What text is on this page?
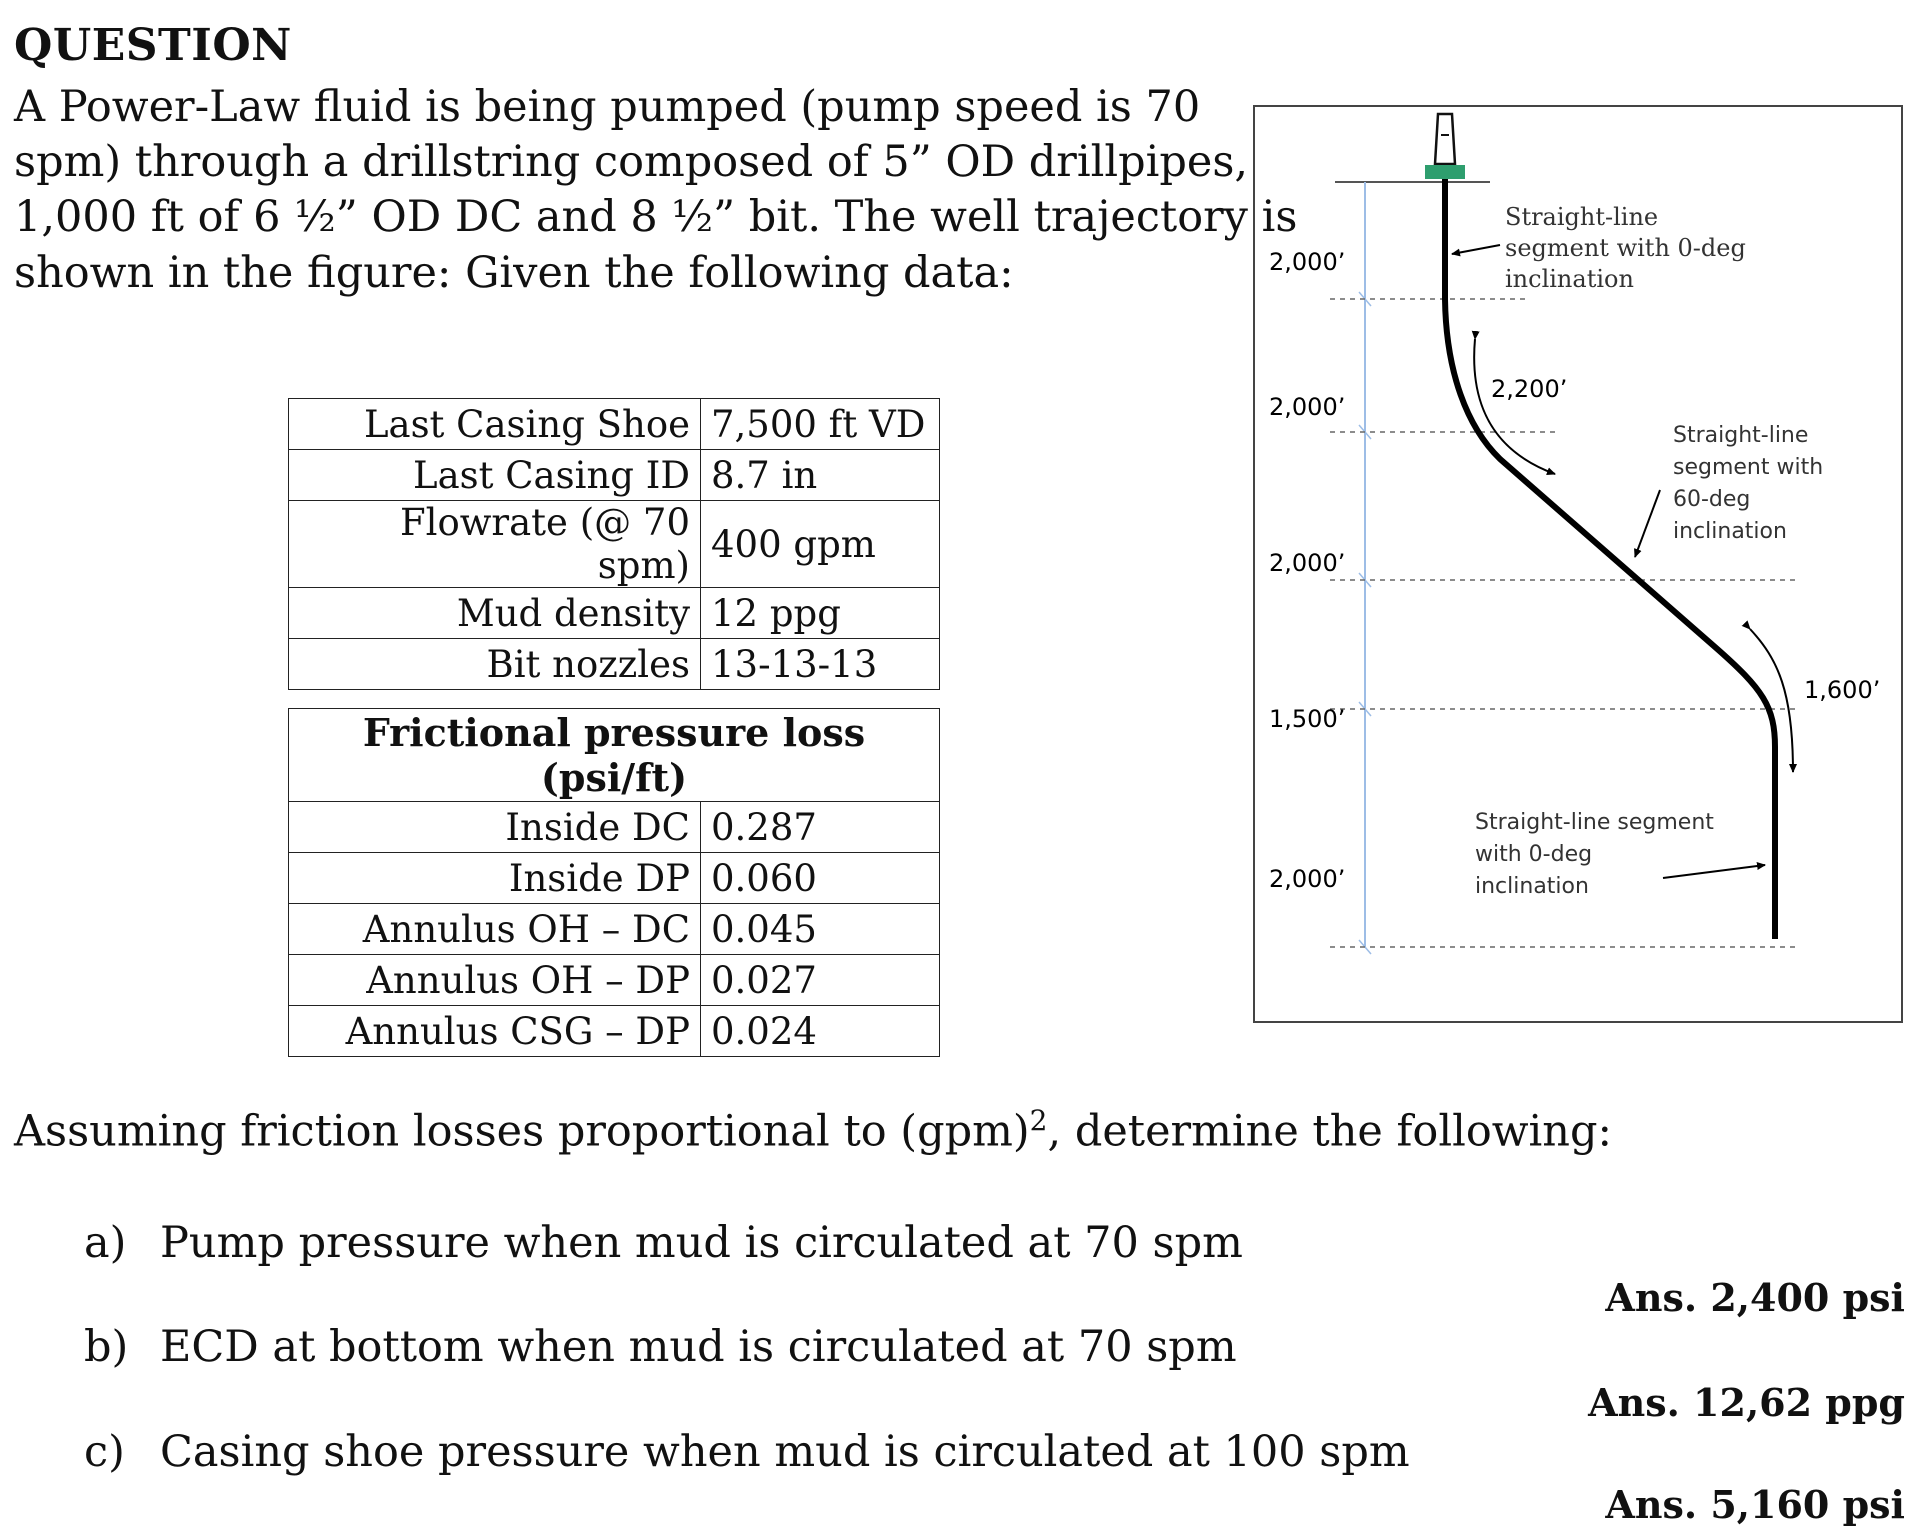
QUESTION
A Power-Law fluid is being pumped (pump speed is 70
spm) through a drillstring composed of 5” OD drillpipes,
1,000 ft of 6 ½” OD DC and 8 ½” bit. The well trajectory is
shown in the figure: Given the following data:
Last Casing Shoe	7,500 ft VD
Last Casing ID	8.7 in
Flowrate (@ 70 spm)	400 gpm
Mud density	12 ppg
Bit nozzles	13-13-13
Frictional pressure loss (psi/ft)	
Inside DC	0.287
Inside DP	0.060
Annulus OH – DC	0.045
Annulus OH – DP	0.027
Annulus CSG – DP	0.024
2,000’
2,000’
2,000’
1,500’
2,000’
Straight-line
segment with 0-deg
inclination
2,200’
Straight-line
segment with
60-deg
inclination
1,600’
Straight-line segment
with 0-deg
inclination
Assuming friction losses proportional to (gpm)$^2$, determine the following:
a) Pump pressure when mud is circulated at 70 spm
b) ECD at bottom when mud is circulated at 70 spm
c) Casing shoe pressure when mud is circulated at 100 spm
Ans. 2,400 psi
Ans. 12,62 ppg
Ans. 5,160 psi
